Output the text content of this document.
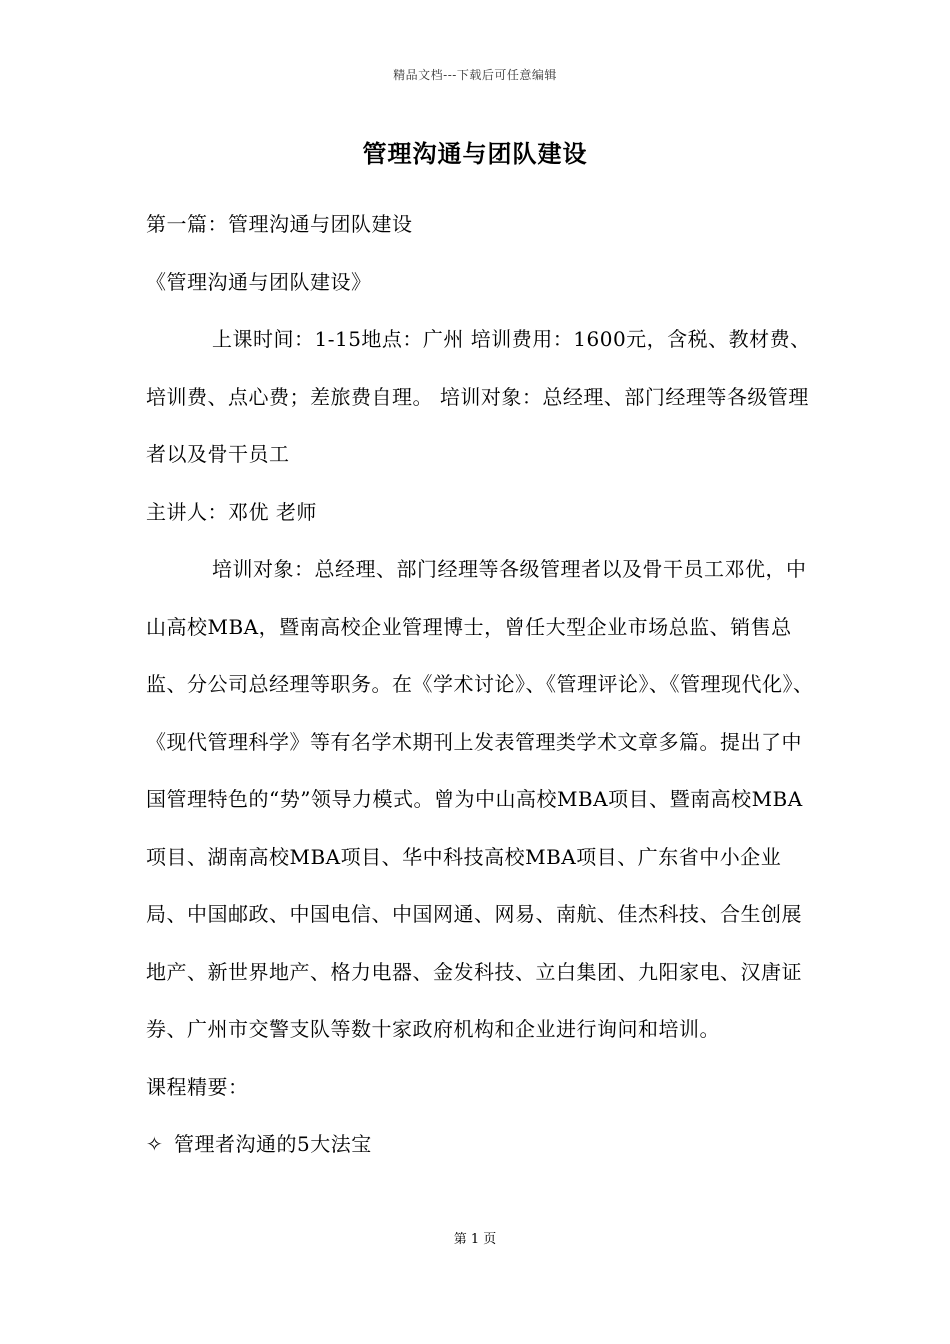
精品文档---下载后可任意编辑
管理沟通与团队建设

第一篇：管理沟通与团队建设

《管理沟通与团队建设》

上课时间：1-15地点：广州 培训费用：1600元，含税、教材费、培训费、点心费；差旅费自理。 培训对象：总经理、部门经理等各级管理者以及骨干员工

主讲人：邓优 老师

培训对象：总经理、部门经理等各级管理者以及骨干员工邓优，中山高校MBA，暨南高校企业管理博士，曾任大型企业市场总监、销售总监、分公司总经理等职务。在《学术讨论》、《管理评论》、《管理现代化》、《现代管理科学》等有名学术期刊上发表管理类学术文章多篇。提出了中国管理特色的“势”领导力模式。曾为中山高校MBA项目、暨南高校MBA项目、湖南高校MBA项目、华中科技高校MBA项目、广东省中小企业局、中国邮政、中国电信、中国网通、网易、南航、佳杰科技、合生创展地产、新世界地产、格力电器、金发科技、立白集团、九阳家电、汉唐证券、广州市交警支队等数十家政府机构和企业进行询问和培训。

课程精要：

✧ 管理者沟通的5大法宝

第 1 页
